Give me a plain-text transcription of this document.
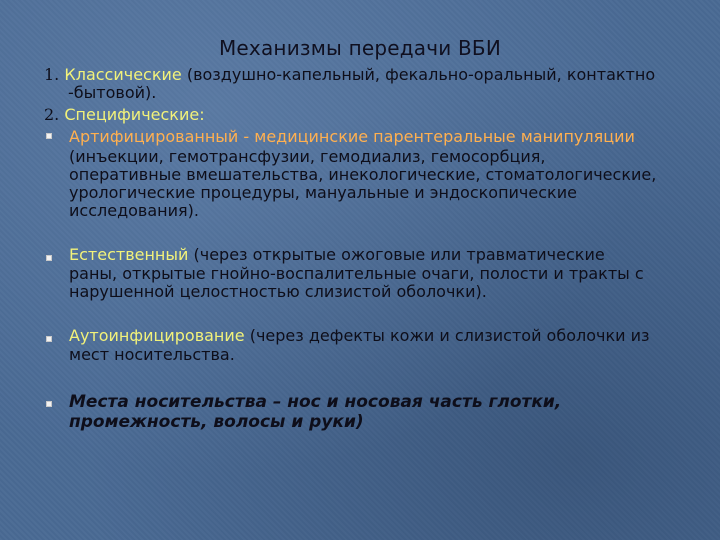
Механизмы передачи ВБИ
1. Классические (воздушно-капельный, фекально-оральный, контактно
-бытовой).
2. Специфические:
Артифицированный - медицинские парентеральные манипуляции
(инъекции, гемотрансфузии, гемодиализ, гемосорбция,
оперативные вмешательства, инекологические, стоматологические,
урологические процедуры, мануальные и эндоскопические
исследования).
Естественный (через открытые ожоговые или травматические
раны, открытые гнойно-воспалительные очаги, полости и тракты с
нарушенной целостностью слизистой оболочки).
Аутоинфицирование (через дефекты кожи и слизистой оболочки из
мест носительства.
Места носительства – нос и носовая часть глотки,
промежность, волосы и руки)
